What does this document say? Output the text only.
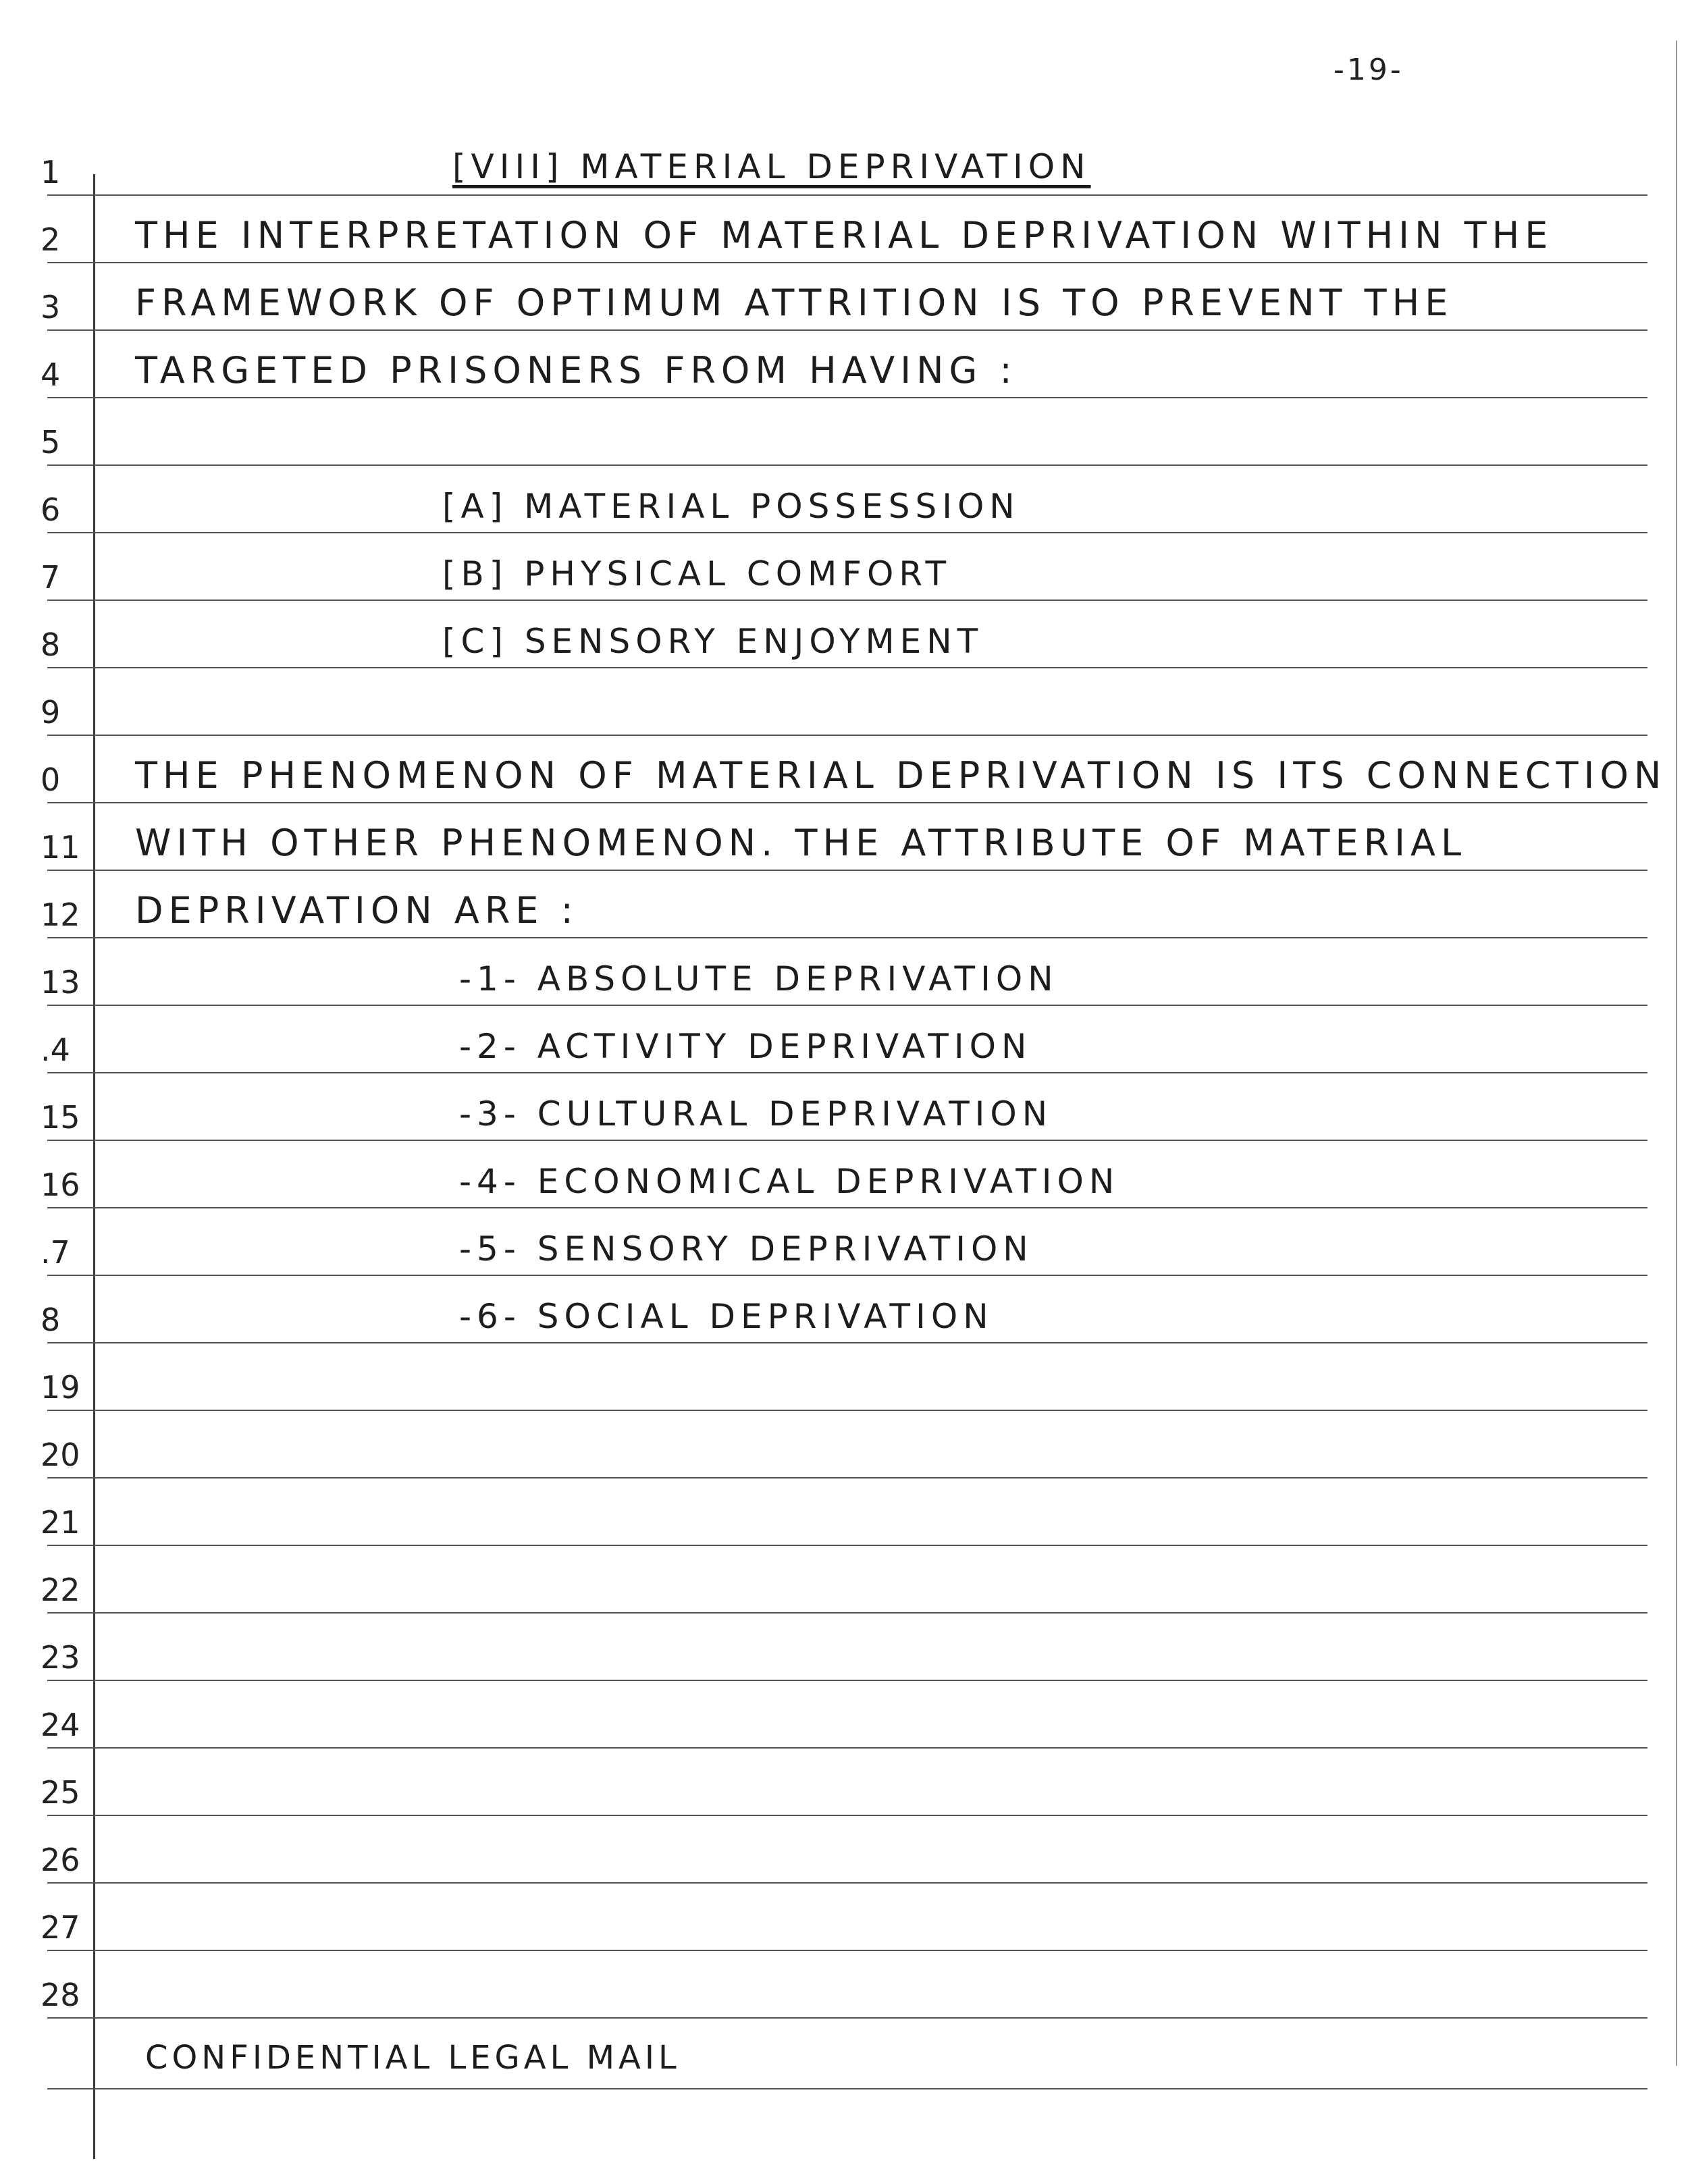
-19-
1
2
3
4
5
6
7
8
9
0
11
12
13
.4
15
16
.7
8
19
20
21
22
23
24
25
26
27
28
[VIII] MATERIAL DEPRIVATION
THE INTERPRETATION OF MATERIAL DEPRIVATION WITHIN THE
FRAMEWORK OF OPTIMUM ATTRITION IS TO PREVENT THE
TARGETED PRISONERS FROM HAVING :
[A] MATERIAL POSSESSION
[B] PHYSICAL COMFORT
[C] SENSORY ENJOYMENT
THE PHENOMENON OF MATERIAL DEPRIVATION IS ITS CONNECTION
WITH OTHER PHENOMENON. THE ATTRIBUTE OF MATERIAL
DEPRIVATION ARE :
-1- ABSOLUTE DEPRIVATION
-2- ACTIVITY DEPRIVATION
-3- CULTURAL DEPRIVATION
-4- ECONOMICAL DEPRIVATION
-5- SENSORY DEPRIVATION
-6- SOCIAL DEPRIVATION
CONFIDENTIAL LEGAL MAIL
